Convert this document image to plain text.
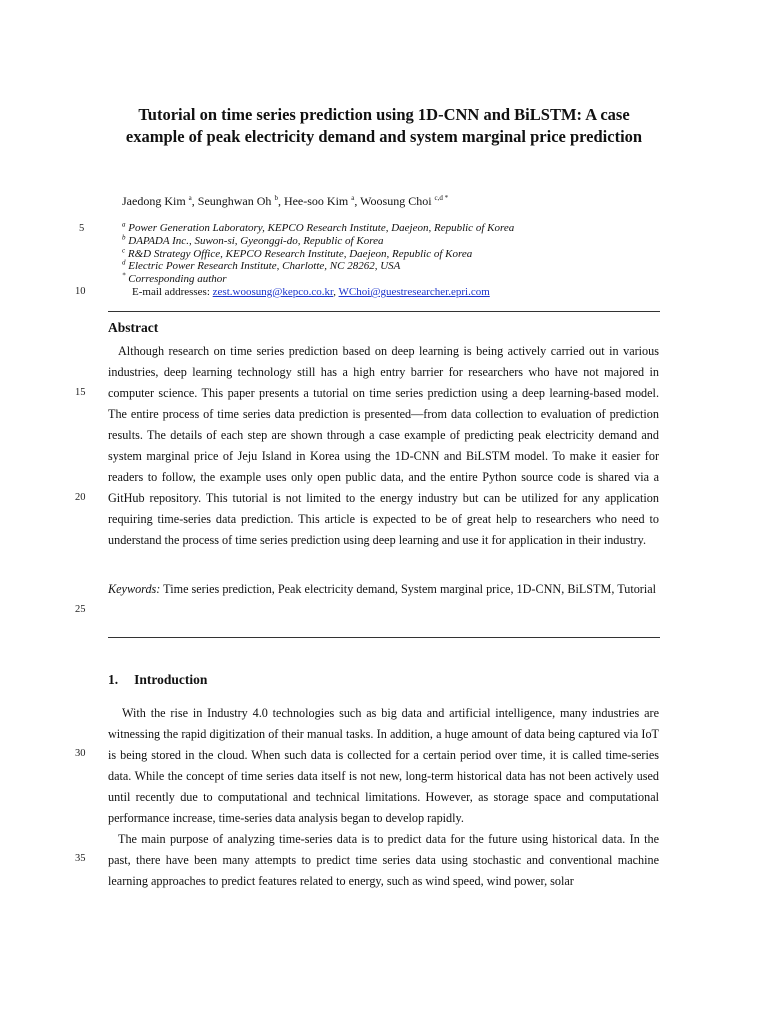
Tutorial on time series prediction using 1D-CNN and BiLSTM: A case example of peak electricity demand and system marginal price prediction
Jaedong Kim $^a$, Seunghwan Oh $^b$, Hee-soo Kim $^a$, Woosung Choi $^{c,d *}$
$^a$ Power Generation Laboratory, KEPCO Research Institute, Daejeon, Republic of Korea
$^b$ DAPADA Inc., Suwon-si, Gyeonggi-do, Republic of Korea
$^c$ R&D Strategy Office, KEPCO Research Institute, Daejeon, Republic of Korea
$^d$ Electric Power Research Institute, Charlotte, NC 28262, USA
* Corresponding author
E-mail addresses: zest.woosung@kepco.co.kr, WChoi@guestresearcher.epri.com
5
10
15
20
25
30
35
Abstract

Although research on time series prediction based on deep learning is being actively carried out in various industries, deep learning technology still has a high entry barrier for researchers who have not majored in computer science. This paper presents a tutorial on time series prediction using a deep learning-based model. The entire process of time series data prediction is presented—from data collection to evaluation of prediction results. The details of each step are shown through a case example of predicting peak electricity demand and system marginal price of Jeju Island in Korea using the 1D-CNN and BiLSTM model. To make it easier for readers to follow, the example uses only open public data, and the entire Python source code is shared via a GitHub repository. This tutorial is not limited to the energy industry but can be utilized for any application requiring time-series data prediction. This article is expected to be of great help to researchers who need to understand the process of time series prediction using deep learning and use it for application in their industry.

Keywords: Time series prediction, Peak electricity demand, System marginal price, 1D-CNN, BiLSTM, Tutorial
1. Introduction

With the rise in Industry 4.0 technologies such as big data and artificial intelligence, many industries are witnessing the rapid digitization of their manual tasks. In addition, a huge amount of data being captured via IoT is being stored in the cloud. When such data is collected for a certain period over time, it is called time-series data. While the concept of time series data itself is not new, long-term historical data has not been actively used until recently due to computational and technical limitations. However, as storage space and computational performance increase, time-series data analysis began to develop rapidly.

The main purpose of analyzing time-series data is to predict data for the future using historical data. In the past, there have been many attempts to predict time series data using stochastic and conventional machine learning approaches to predict features related to energy, such as wind speed, wind power, solar
